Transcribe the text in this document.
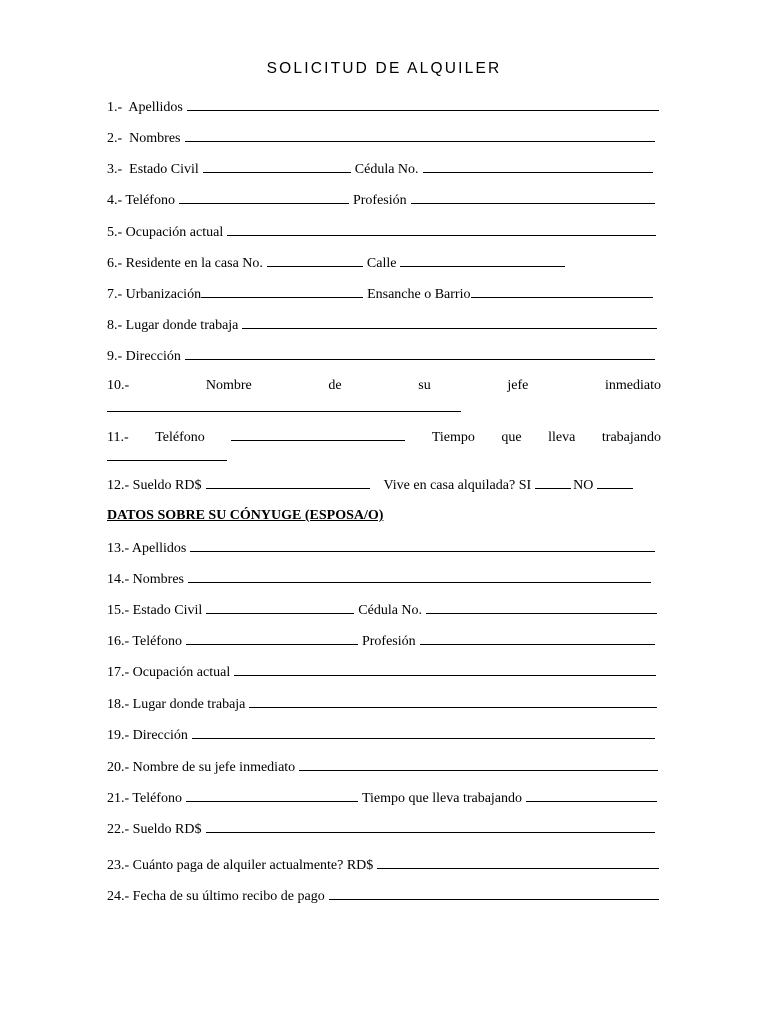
SOLICITUD DE ALQUILER
1.-  Apellidos
2.-  Nombres
3.-  Estado Civil	Cédula No.
4.- Teléfono	Profesión
5.- Ocupación actual
6.- Residente en la casa No.	Calle
7.- Urbanización	Ensanche o Barrio
8.- Lugar donde trabaja
9.- Dirección
10.-	Nombre	de	su	jefe	inmediato
11.- Teléfono	Tiempo que lleva trabajando
12.- Sueldo RD$	Vive en casa alquilada? SI	NO
DATOS SOBRE SU CÓNYUGE (ESPOSA/O)
13.- Apellidos
14.- Nombres
15.- Estado Civil	Cédula No.
16.- Teléfono	Profesión
17.- Ocupación actual
18.- Lugar donde trabaja
19.- Dirección
20.- Nombre de su jefe inmediato
21.- Teléfono	Tiempo que lleva trabajando
22.- Sueldo RD$
23.- Cuánto paga de alquiler actualmente? RD$
24.- Fecha de su último recibo de pago
